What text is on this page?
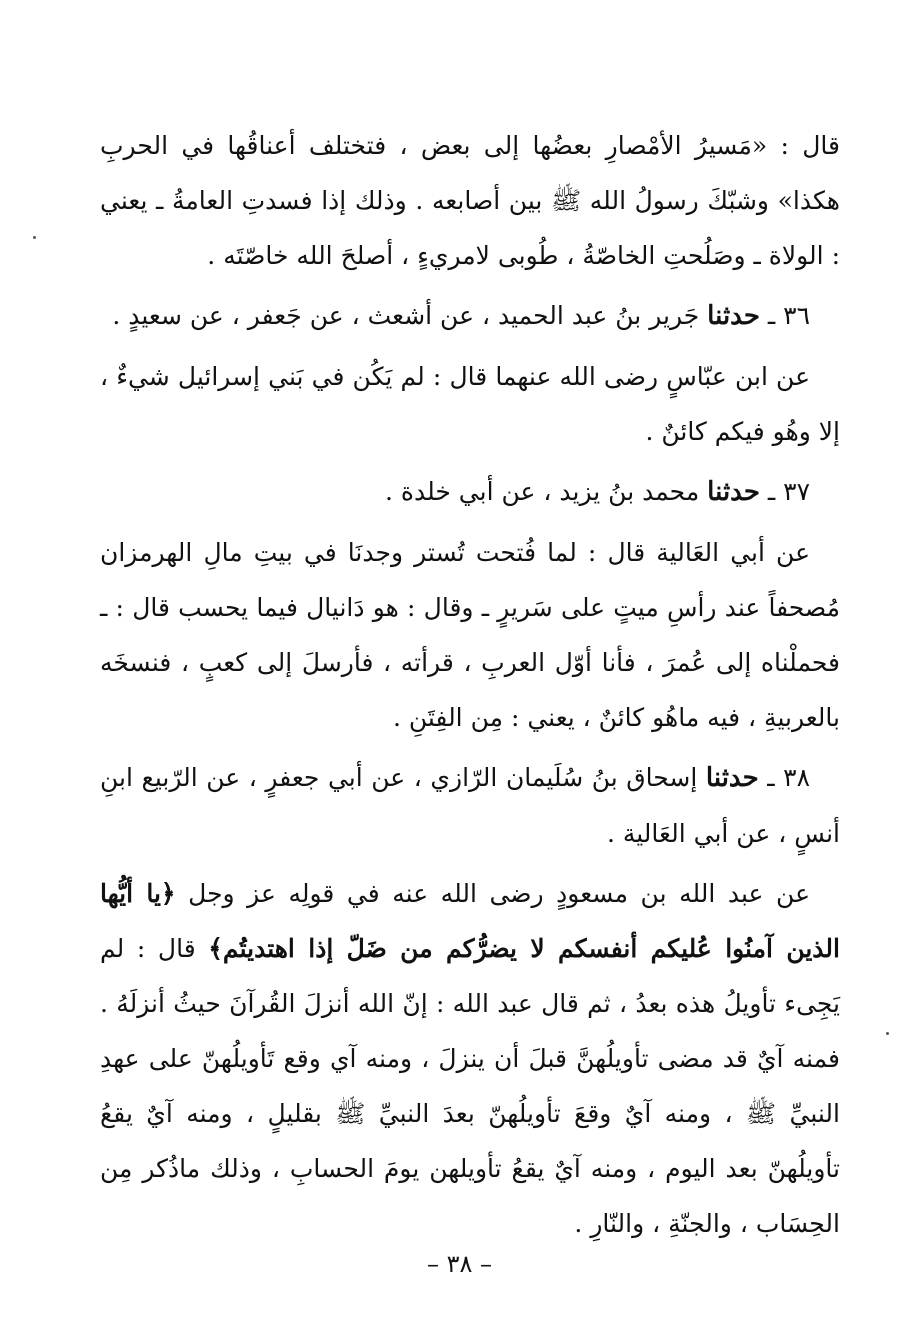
قال : «مَسيرُ الأمْصارِ بعضُها إلى بعض ، فتختلف أعناقُها في الحربِ هكذا» وشبّكَ رسولُ الله ﷺ بين أصابعه . وذلك إذا فسدتِ العامةُ ـ يعني : الولاة ـ وصَلُحتِ الخاصّةُ ، طُوبى لامريءٍ ، أصلحَ الله خاصّتَه .

٣٦ ـ حدثنا جَرير بنُ عبد الحميد ، عن أشعث ، عن جَعفر ، عن سعيدٍ .

عن ابن عبّاسٍ رضى الله عنهما قال : لم يَكُن في بَني إسرائيل شيءٌ ، إلا وهُو فيكم كائنٌ .

٣٧ ـ حدثنا محمد بنُ يزيد ، عن أبي خلدة .

عن أبي العَالية قال : لما فُتحت تُستر وجدنَا في بيتِ مالِ الهرمزان مُصحفاً عند رأسِ ميتٍ على سَريرٍ ـ وقال : هو دَانيال فيما يحسب قال : ـ فحملْناه إلى عُمرَ ، فأنا أوّل العربِ ، قرأته ، فأرسلَ إلى كعبٍ ، فنسخَه بالعربيةِ ، فيه ماهُو كائنٌ ، يعني : مِن الفِتَنِ .

٣٨ ـ حدثنا إسحاق بنُ سُلَيمان الرّازي ، عن أبي جعفرٍ ، عن الرّبيع ابنِ أنسٍ ، عن أبي العَالية .

عن عبد الله بن مسعودٍ رضى الله عنه في قولِه عز وجل ﴿يا أيُّها الذين آمنُوا عُليكم أنفسكم لا يضرُّكم من ضَلّ إذا اهتديتُم﴾ قال : لم يَجِىء تأويلُ هذه بعدُ ، ثم قال عبد الله : إنّ الله أنزلَ القُرآنَ حيثُ أنزلَهُ . فمنه آيٌ قد مضى تأويلُهنَّ قبلَ أن ينزلَ ، ومنه آي وقع تَأويلُهنّ على عهدِ النبيِّ ﷺ ، ومنه آيٌ وقعَ تأويلُهنّ بعدَ النبيِّ ﷺ بقليلٍ ، ومنه آيٌ يقعُ تأويلُهنّ بعد اليوم ، ومنه آيٌ يقعُ تأويلهن يومَ الحسابِ ، وذلك ماذُكر مِن الحِسَاب ، والجنّةِ ، والنّارِ .

– ٣٨ –
